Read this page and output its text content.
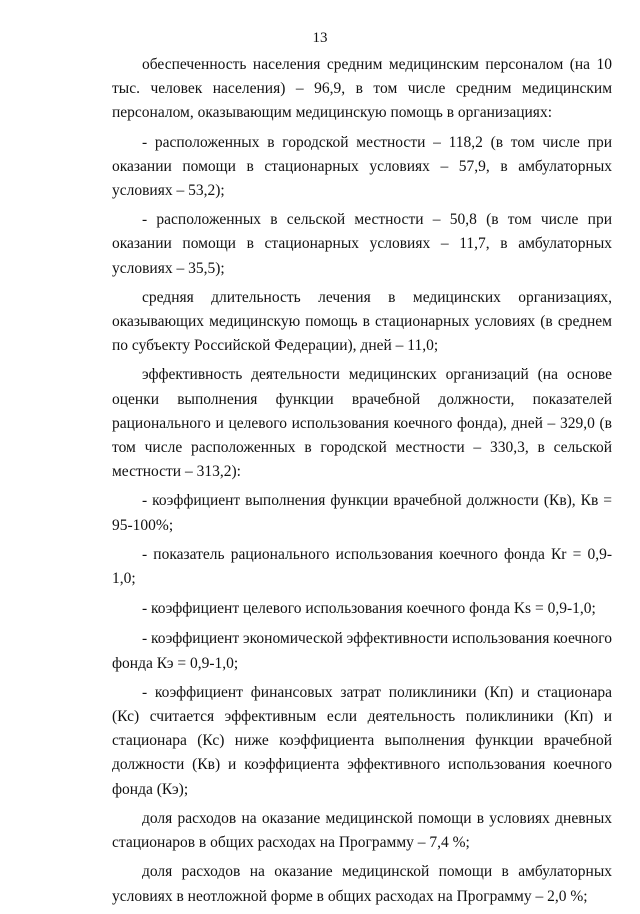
13

обеспеченность населения средним медицинским персоналом (на 10 тыс. человек населения) – 96,9, в том числе средним медицинским персоналом, оказывающим медицинскую помощь в организациях:

- расположенных в городской местности – 118,2 (в том числе при оказании помощи в стационарных условиях – 57,9, в амбулаторных условиях – 53,2);

- расположенных в сельской местности – 50,8 (в том числе при оказании помощи в стационарных условиях – 11,7, в амбулаторных условиях – 35,5);

средняя длительность лечения в медицинских организациях, оказывающих медицинскую помощь в стационарных условиях (в среднем по субъекту Российской Федерации), дней – 11,0;

эффективность деятельности медицинских организаций (на основе оценки выполнения функции врачебной должности, показателей рационального и целевого использования коечного фонда), дней – 329,0 (в том числе расположенных в городской местности – 330,3, в сельской местности – 313,2):

- коэффициент выполнения функции врачебной должности (Кв), Кв = 95-100%;

- показатель рационального использования коечного фонда Кr = 0,9- 1,0;

- коэффициент целевого использования коечного фонда Ks = 0,9-1,0;

- коэффициент экономической эффективности использования коечного фонда Кэ = 0,9-1,0;

- коэффициент финансовых затрат поликлиники (Кп) и стационара (Кс) считается эффективным если деятельность поликлиники (Кп) и стационара (Кс) ниже коэффициента выполнения функции врачебной должности (Кв) и коэффициента эффективного использования коечного фонда (Кэ);

доля расходов на оказание медицинской помощи в условиях дневных стационаров в общих расходах на Программу – 7,4 %;

доля расходов на оказание медицинской помощи в амбулаторных условиях в неотложной форме в общих расходах на Программу – 2,0 %;
